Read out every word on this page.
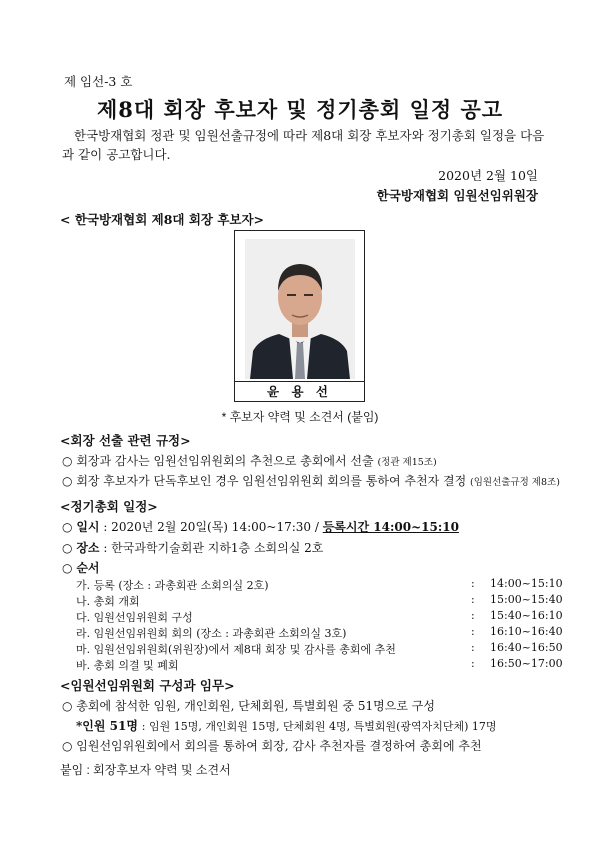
제 임선-3 호
제8대 회장 후보자 및 정기총회 일정 공고
한국방재협회 정관 및 임원선출규정에 따라 제8대 회장 후보자와 정기총회 일정을 다음과 같이 공고합니다.
2020년 2월 10일
한국방재협회 임원선임위원장
< 한국방재협회 제8대 회장 후보자>
윤 용 선
* 후보자 약력 및 소견서 (붙임)
<회장 선출 관련 규정>
○ 회장과 감사는 임원선임위원회의 추천으로 총회에서 선출 (정관 제15조)
○ 회장 후보자가 단독후보인 경우 임원선임위원회 회의를 통하여 추천자 결정 (임원선출규정 제8조)
<정기총회 일정>
○ 일시 : 2020년 2월 20일(목) 14:00~17:30 / 등록시간 14:00~15:10
○ 장소 : 한국과학기술회관 지하1층 소회의실 2호
○ 순서
가. 등록 (장소 : 과총회관 소회의실 2호)	: 14:00~15:10
나. 총회 개회	: 15:00~15:40
다. 임원선임위원회 구성	: 15:40~16:10
라. 임원선임위원회 회의 (장소 : 과총회관 소회의실 3호)	: 16:10~16:40
마. 임원선임위원회(위원장)에서 제8대 회장 및 감사를 총회에 추천	: 16:40~16:50
바. 총회 의결 및 폐회	: 16:50~17:00
<임원선임위원회 구성과 임무>
○ 총회에 참석한 임원, 개인회원, 단체회원, 특별회원 중 51명으로 구성
*인원 51명 : 임원 15명, 개인회원 15명, 단체회원 4명, 특별회원(광역자치단체) 17명
○ 임원선임위원회에서 회의를 통하여 회장, 감사 추천자를 결정하여 총회에 추천
붙임 : 회장후보자 약력 및 소견서
